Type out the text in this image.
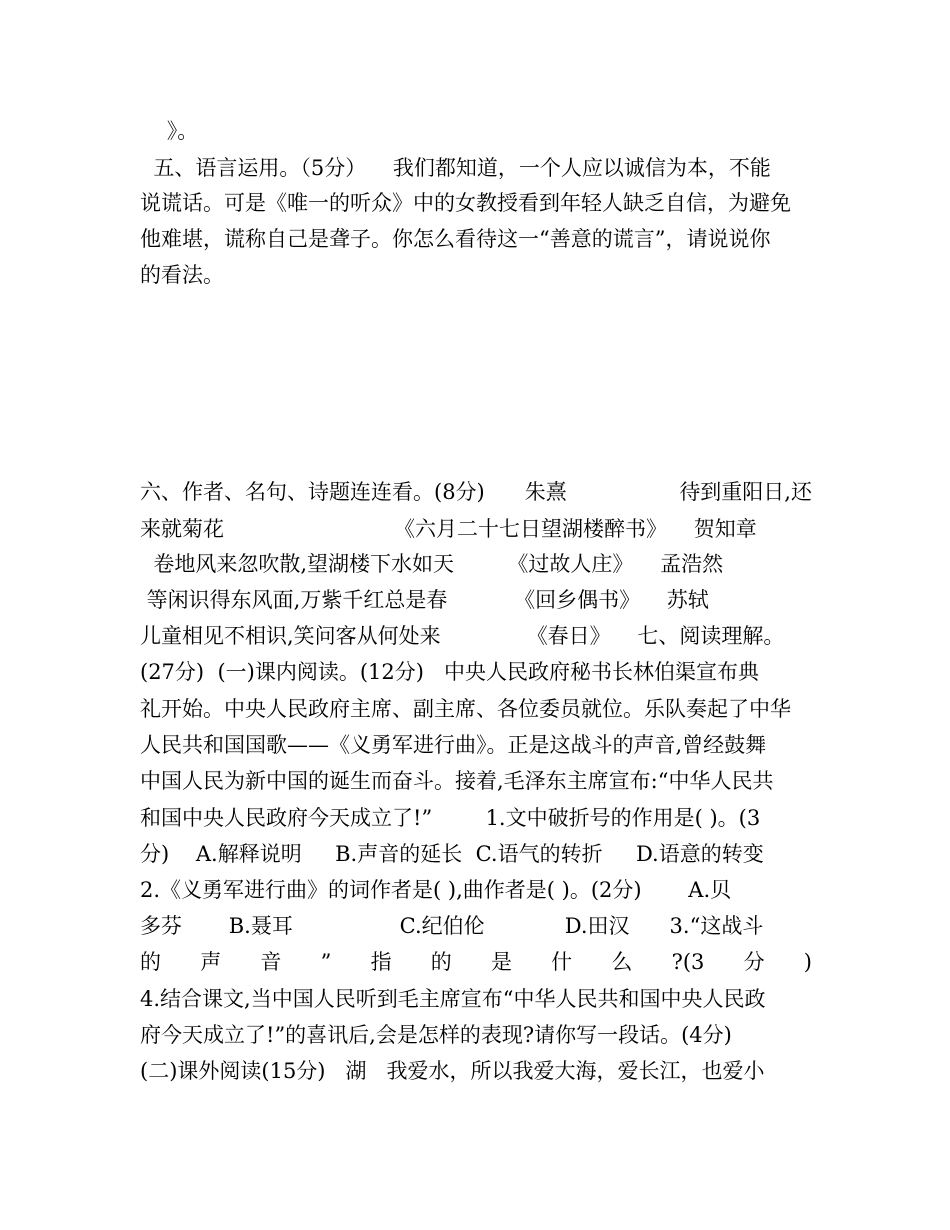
》。
五、语言运用。（5分）    我们都知道，一个人应以诚信为本，不能
说谎话。可是《唯一的听众》中的女教授看到年轻人缺乏自信，为避免
他难堪，谎称自己是聋子。你怎么看待这一“善意的谎言”，请说说你
的看法。
六、作者、名句、诗题连连看。(8分)      朱熹	待到重阳日,还
来就菊花	《六月二十七日望湖楼醉书》    贺知章
卷地风来忽吹散,望湖楼下水如天        《过故人庄》    孟浩然
等闲识得东风面,万紫千红总是春          《回乡偶书》    苏轼
儿童相见不相识,笑问客从何处来	《春日》    七、阅读理解。
(27分)  (一)课内阅读。(12分)   中央人民政府秘书长林伯渠宣布典
礼开始。中央人民政府主席、副主席、各位委员就位。乐队奏起了中华
人民共和国国歌——《义勇军进行曲》。正是这战斗的声音,曾经鼓舞
中国人民为新中国的诞生而奋斗。接着,毛泽东主席宣布:“中华人民共
和国中央人民政府今天成立了!”        1.文中破折号的作用是( )。(3
分)    A.解释说明     B.声音的延长  C.语气的转折     D.语意的转变
2.《义勇军进行曲》的词作者是( ),曲作者是( )。(2分)       A.贝
多芬       B.聂耳                C.纪伯伦            D.田汉      3.“这战斗
的 声 音 ” 指 的 是 什 么 ?(3 分 )
4.结合课文,当中国人民听到毛主席宣布“中华人民共和国中央人民政
府今天成立了!”的喜讯后,会是怎样的表现?请你写一段话。(4分)
(二)课外阅读(15分)   湖   我爱水，所以我爱大海，爱长江，也爱小
